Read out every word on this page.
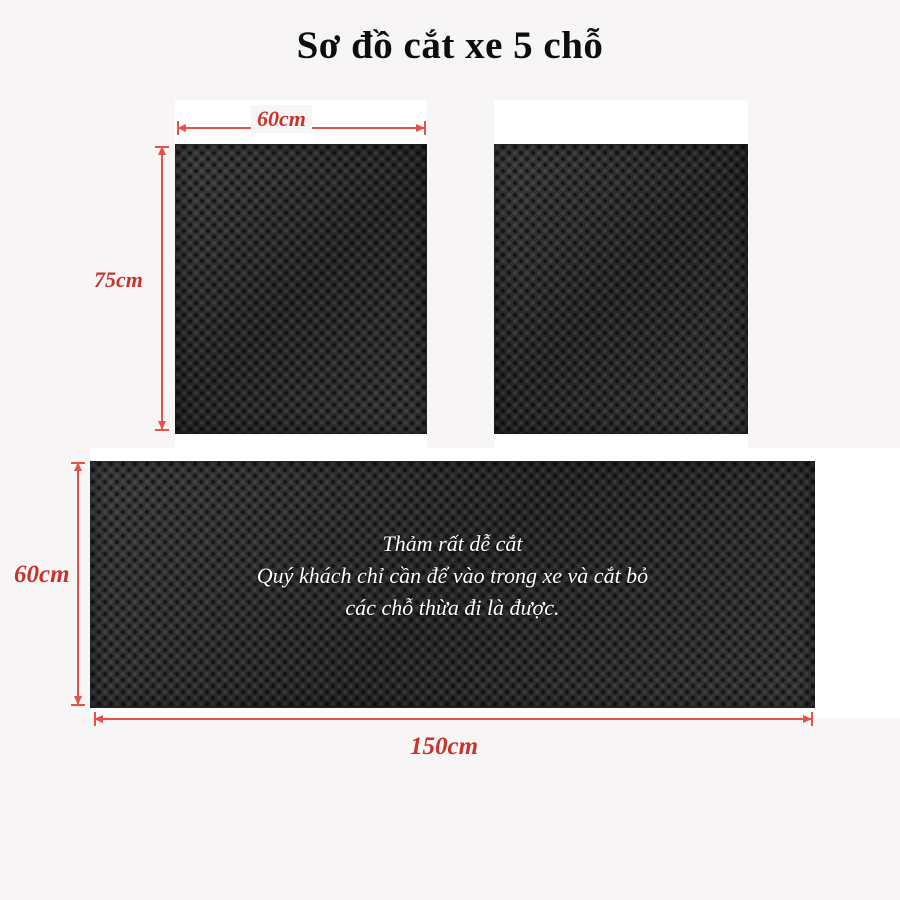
Sơ đồ cắt xe 5 chỗ
Thảm rất dễ cắt
Quý khách chỉ cần để vào trong xe và cắt bỏ
các chỗ thừa đi là được.
60cm
75cm
60cm
150cm
